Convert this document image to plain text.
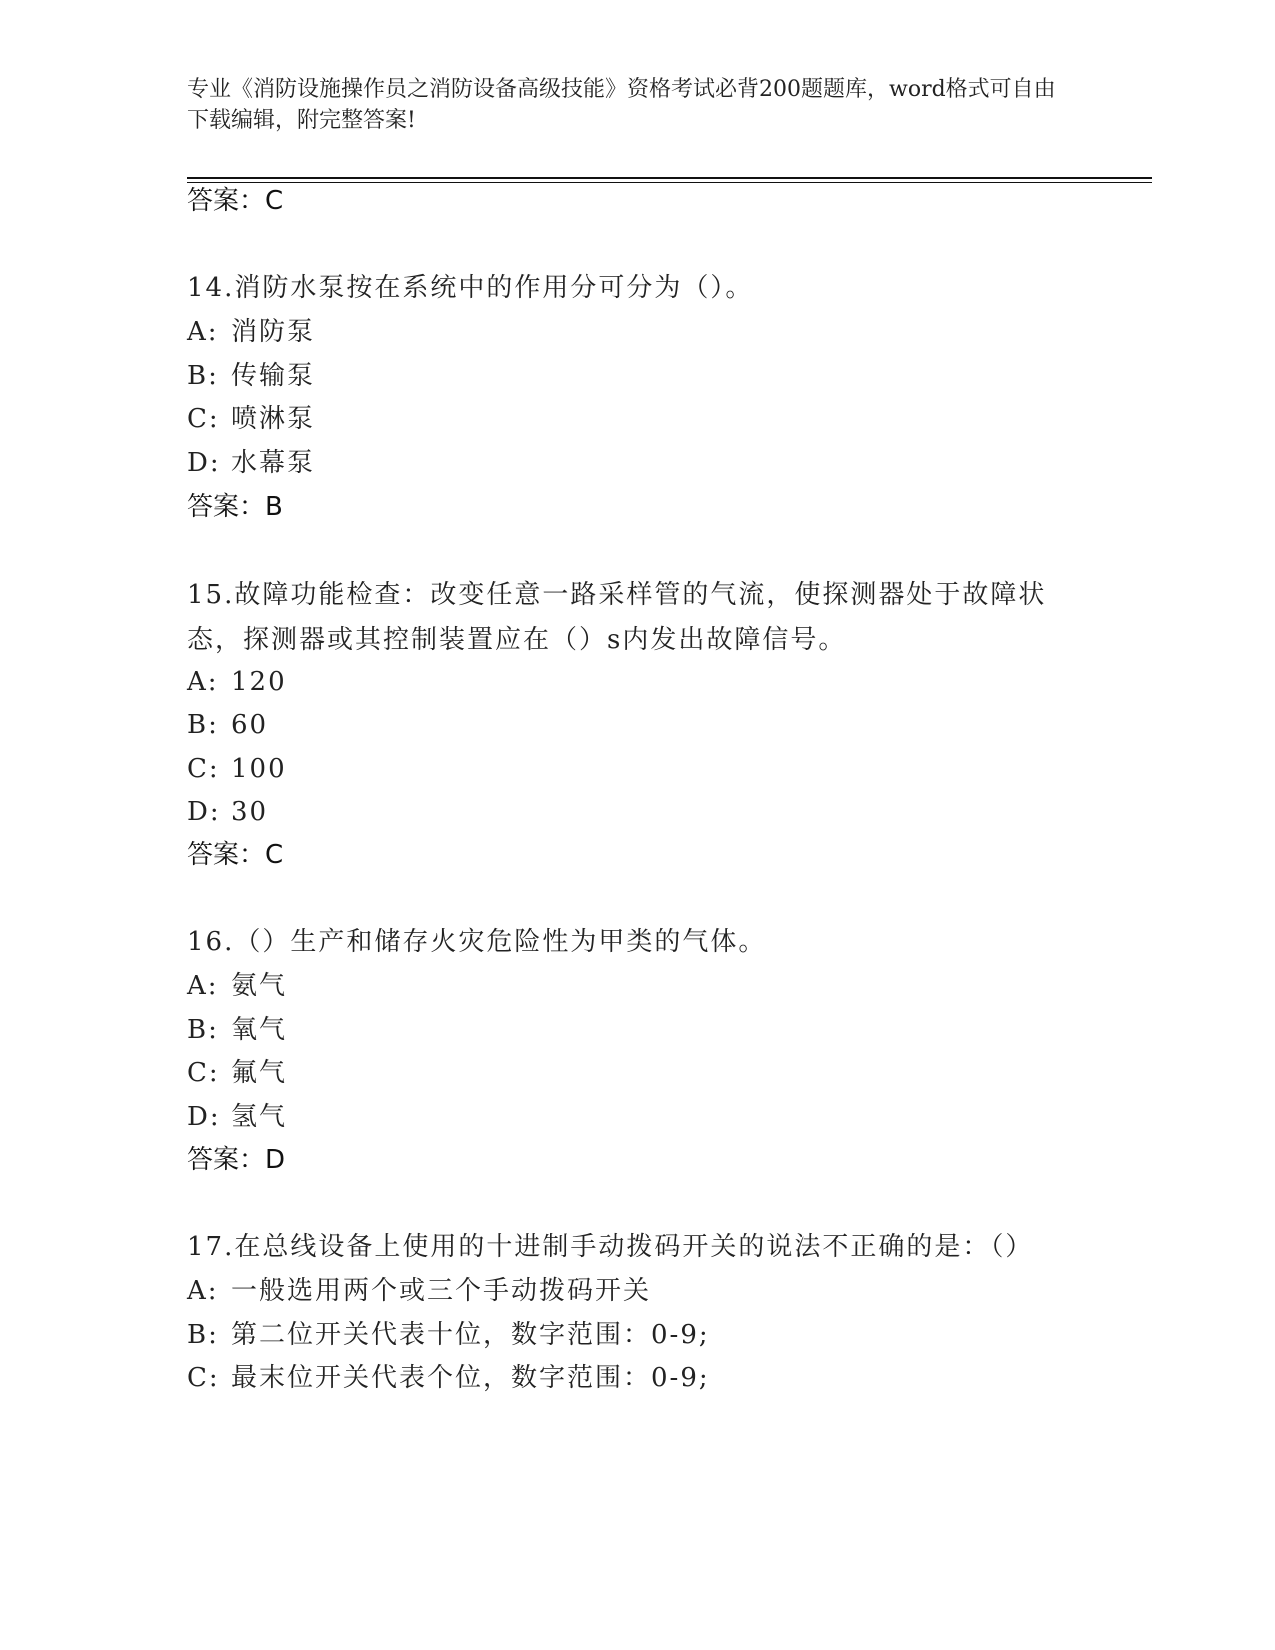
专业《消防设施操作员之消防设备高级技能》资格考试必背200题题库，word格式可自由下载编辑，附完整答案!
答案：C
14.消防水泵按在系统中的作用分可分为（）。
A: 消防泵
B: 传输泵
C: 喷淋泵
D: 水幕泵
答案：B
15.故障功能检查：改变任意一路采样管的气流，使探测器处于故障状态，探测器或其控制装置应在（）s内发出故障信号。
A: 120
B: 60
C: 100
D: 30
答案：C
16.（）生产和储存火灾危险性为甲类的气体。
A: 氨气
B: 氧气
C: 氟气
D: 氢气
答案：D
17.在总线设备上使用的十进制手动拨码开关的说法不正确的是：（）
A: 一般选用两个或三个手动拨码开关
B: 第二位开关代表十位，数字范围：0-9;
C: 最末位开关代表个位，数字范围：0-9;
